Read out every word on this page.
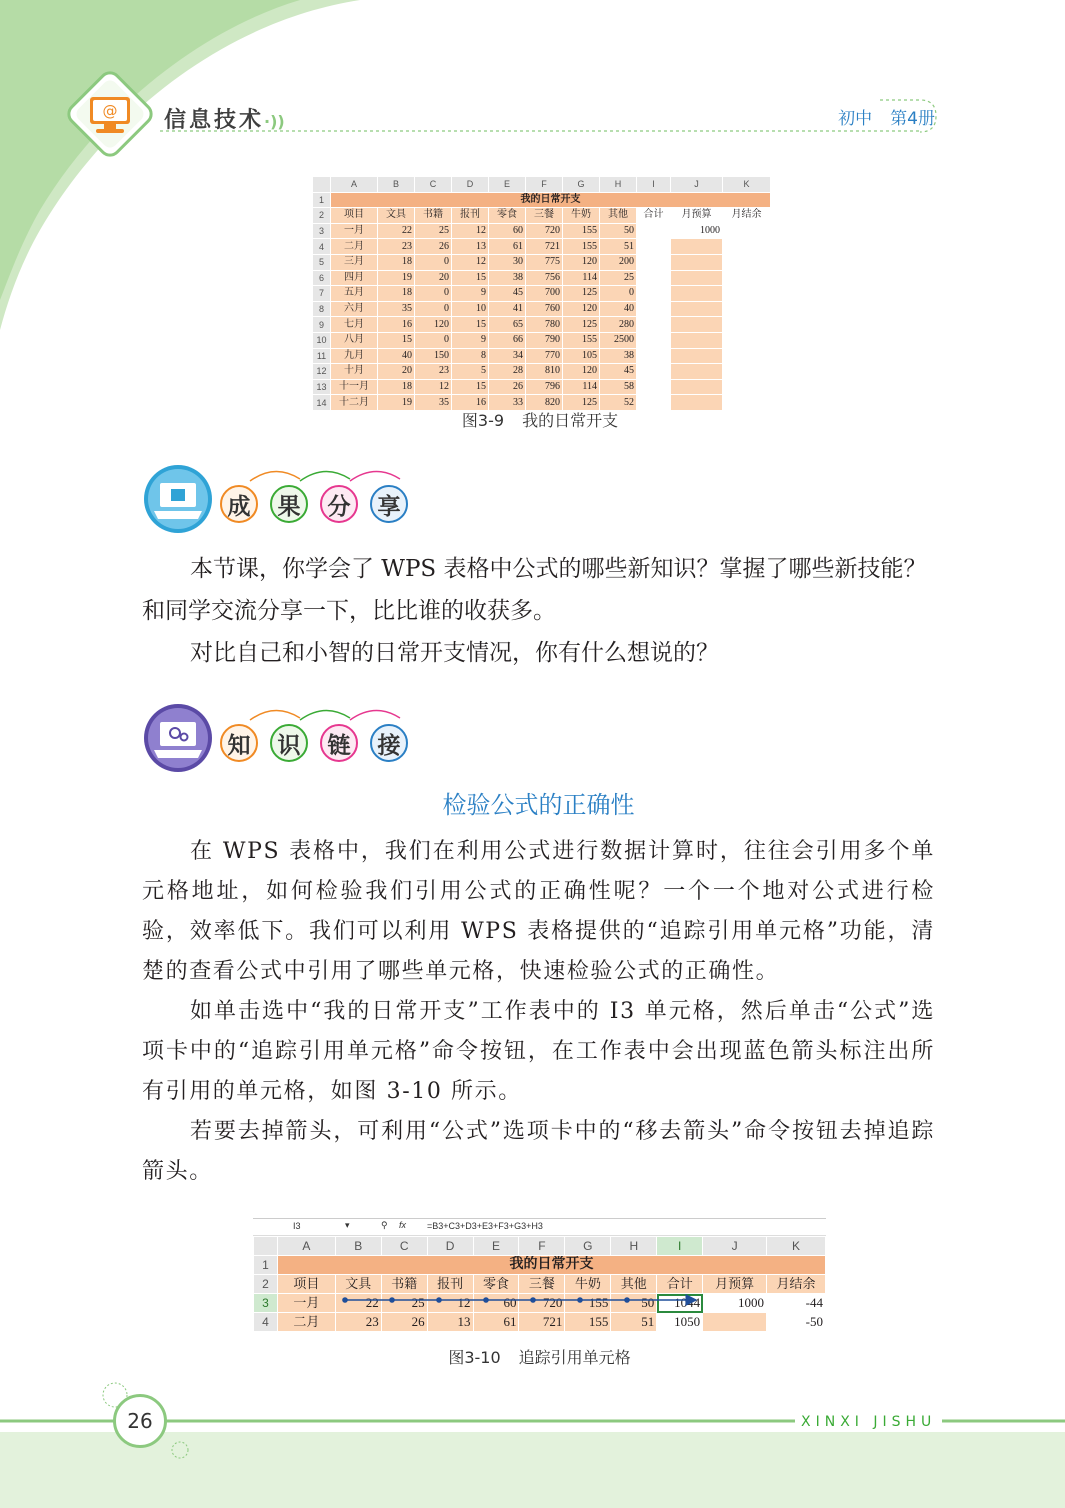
@ 信息技术·))	初中 第4册
	A	B	C	D	E	F	G	H	I	J	K
1	我的日常开支										
2	项目	文具	书籍	报刊	零食	三餐	牛奶	其他	合计	月预算	月结余
3	一月	22	25	12	60	720	155	50		1000	
4	二月	23	26	13	61	721	155	51			
5	三月	18	0	12	30	775	120	200			
6	四月	19	20	15	38	756	114	25			
7	五月	18	0	9	45	700	125	0			
8	六月	35	0	10	41	760	120	40			
9	七月	16	120	15	65	780	125	280			
10	八月	15	0	9	66	790	155	2500			
11	九月	40	150	8	34	770	105	38			
12	十月	20	23	5	28	810	120	45			
13	十一月	18	12	15	26	796	114	58			
14	十二月	19	35	16	33	820	125	52			
图3-9 我的日常开支
成	果	分	享

本节课，你学会了 WPS 表格中公式的哪些新知识？掌握了哪些新技能？和同学交流分享一下，比比谁的收获多。

对比自己和小智的日常开支情况，你有什么想说的？

知	识	链	接
检验公式的正确性

在 WPS 表格中，我们在利用公式进行数据计算时，往往会引用多个单元格地址，如何检验我们引用公式的正确性呢？一个一个地对公式进行检验，效率低下。我们可以利用 WPS 表格提供的“追踪引用单元格”功能，清楚的查看公式中引用了哪些单元格，快速检验公式的正确性。

如单击选中“我的日常开支”工作表中的 I3 单元格，然后单击“公式”选项卡中的“追踪引用单元格”命令按钮，在工作表中会出现蓝色箭头标注出所有引用的单元格，如图 3-10 所示。

若要去掉箭头，可利用“公式”选项卡中的“移去箭头”命令按钮去掉追踪箭头。

I3	▾	⚲ fx =B3+C3+D3+E3+F3+G3+H3
	A	B	C	D	E	F	G	H	I	J	K
1	我的日常开支										
2	项目	文具	书籍	报刊	零食	三餐	牛奶	其他	合计	月预算	月结余
3	一月	22	25	12	60	720	155	50	1044	1000	-44
4	二月	23	26	13	61	721	155	51	1050		-50
图3-10 追踪引用单元格
26	XINXI JISHU
